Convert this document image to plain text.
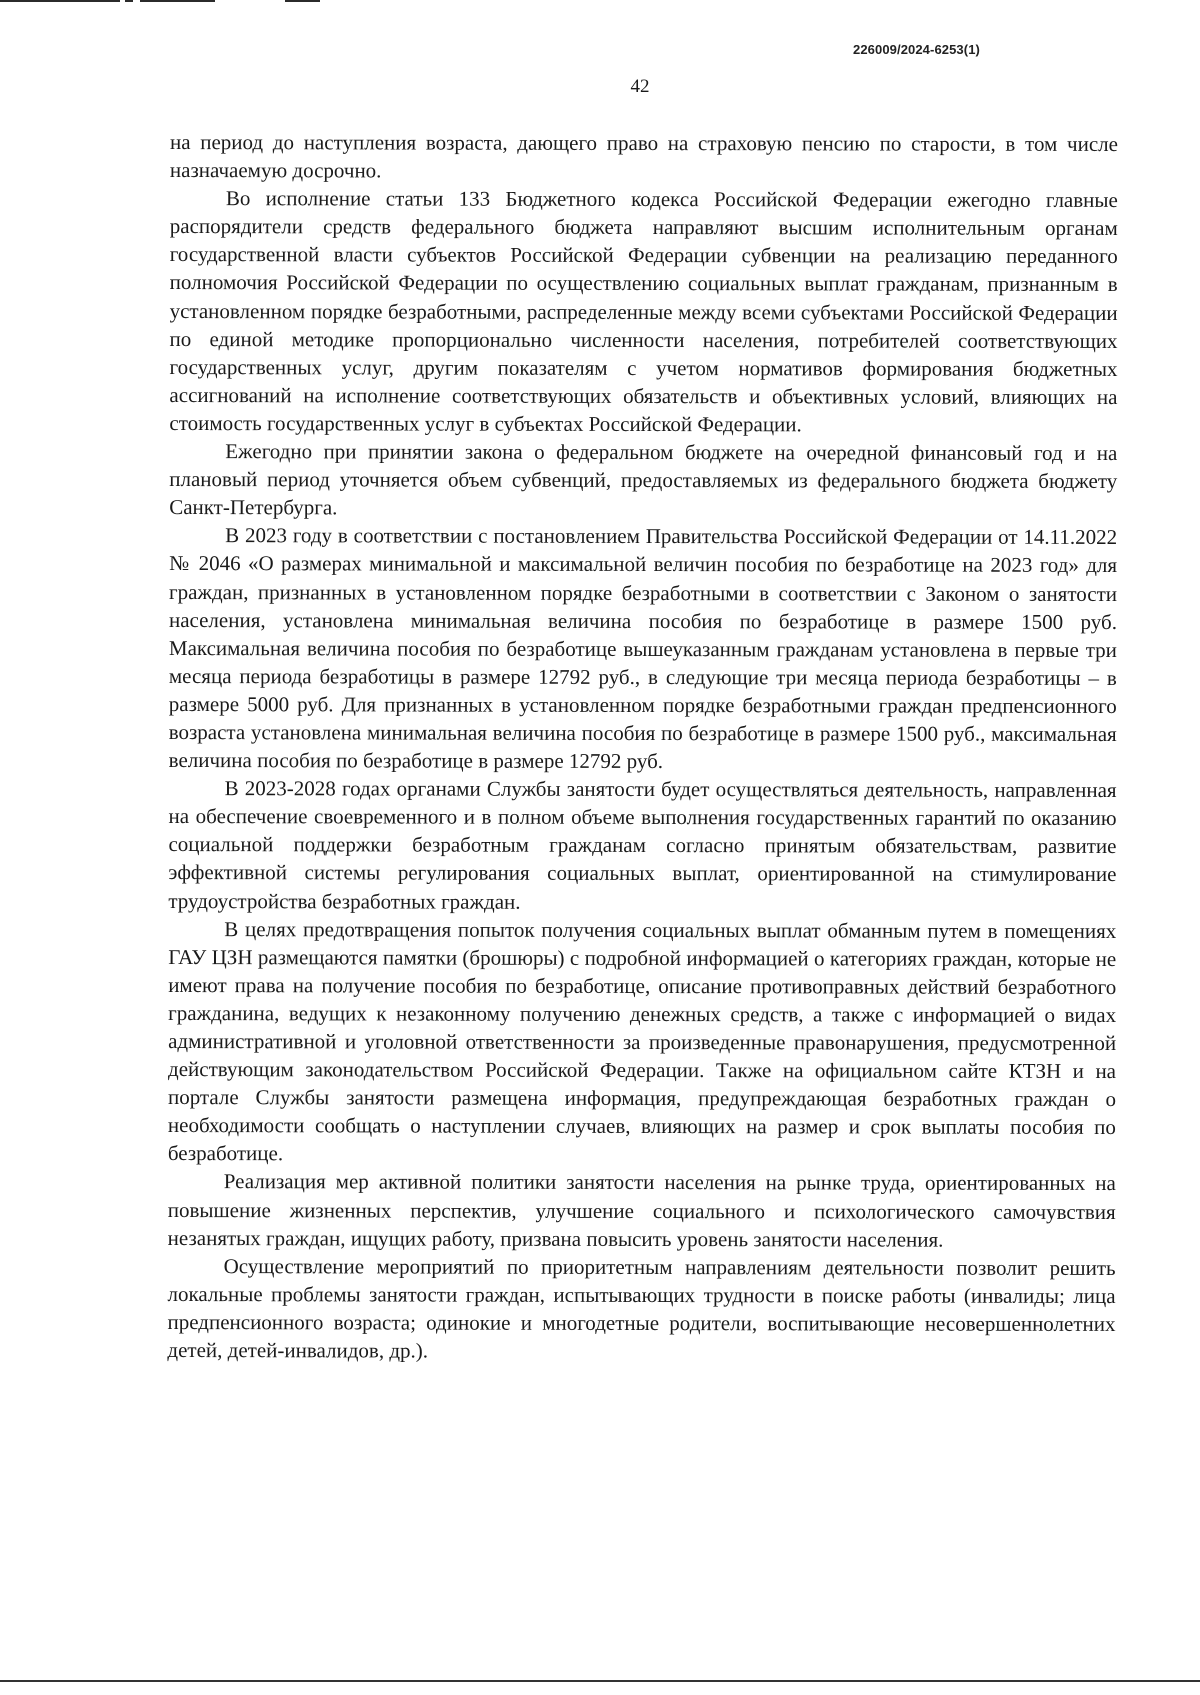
226009/2024-6253(1)
42

на период до наступления возраста, дающего право на страховую пенсию по старости, в том числе назначаемую досрочно.

Во исполнение статьи 133 Бюджетного кодекса Российской Федерации ежегодно главные распорядители средств федерального бюджета направляют высшим исполнительным органам государственной власти субъектов Российской Федерации субвенции на реализацию переданного полномочия Российской Федерации по осуществлению социальных выплат гражданам, признанным в установленном порядке безработными, распределенные между всеми субъектами Российской Федерации по единой методике пропорционально численности населения, потребителей соответствующих государственных услуг, другим показателям с учетом нормативов формирования бюджетных ассигнований на исполнение соответствующих обязательств и объективных условий, влияющих на стоимость государственных услуг в субъектах Российской Федерации.

Ежегодно при принятии закона о федеральном бюджете на очередной финансовый год и на плановый период уточняется объем субвенций, предоставляемых из федерального бюджета бюджету Санкт-Петербурга.

В 2023 году в соответствии с постановлением Правительства Российской Федерации от 14.11.2022 № 2046 «О размерах минимальной и максимальной величин пособия по безработице на 2023 год» для граждан, признанных в установленном порядке безработными в соответствии с Законом о занятости населения, установлена минимальная величина пособия по безработице в размере 1500 руб. Максимальная величина пособия по безработице вышеуказанным гражданам установлена в первые три месяца периода безработицы в размере 12792 руб., в следующие три месяца периода безработицы – в размере 5000 руб. Для признанных в установленном порядке безработными граждан предпенсионного возраста установлена минимальная величина пособия по безработице в размере 1500 руб., максимальная величина пособия по безработице в размере 12792 руб.

В 2023-2028 годах органами Службы занятости будет осуществляться деятельность, направленная на обеспечение своевременного и в полном объеме выполнения государственных гарантий по оказанию социальной поддержки безработным гражданам согласно принятым обязательствам, развитие эффективной системы регулирования социальных выплат, ориентированной на стимулирование трудоустройства безработных граждан.

В целях предотвращения попыток получения социальных выплат обманным путем в помещениях ГАУ ЦЗН размещаются памятки (брошюры) с подробной информацией о категориях граждан, которые не имеют права на получение пособия по безработице, описание противоправных действий безработного гражданина, ведущих к незаконному получению денежных средств, а также с информацией о видах административной и уголовной ответственности за произведенные правонарушения, предусмотренной действующим законодательством Российской Федерации. Также на официальном сайте КТЗН и на портале Службы занятости размещена информация, предупреждающая безработных граждан о необходимости сообщать о наступлении случаев, влияющих на размер и срок выплаты пособия по безработице.

Реализация мер активной политики занятости населения на рынке труда, ориентированных на повышение жизненных перспектив, улучшение социального и психологического самочувствия незанятых граждан, ищущих работу, призвана повысить уровень занятости населения.

Осуществление мероприятий по приоритетным направлениям деятельности позволит решить локальные проблемы занятости граждан, испытывающих трудности в поиске работы (инвалиды; лица предпенсионного возраста; одинокие и многодетные родители, воспитывающие несовершеннолетних детей, детей-инвалидов, др.).
